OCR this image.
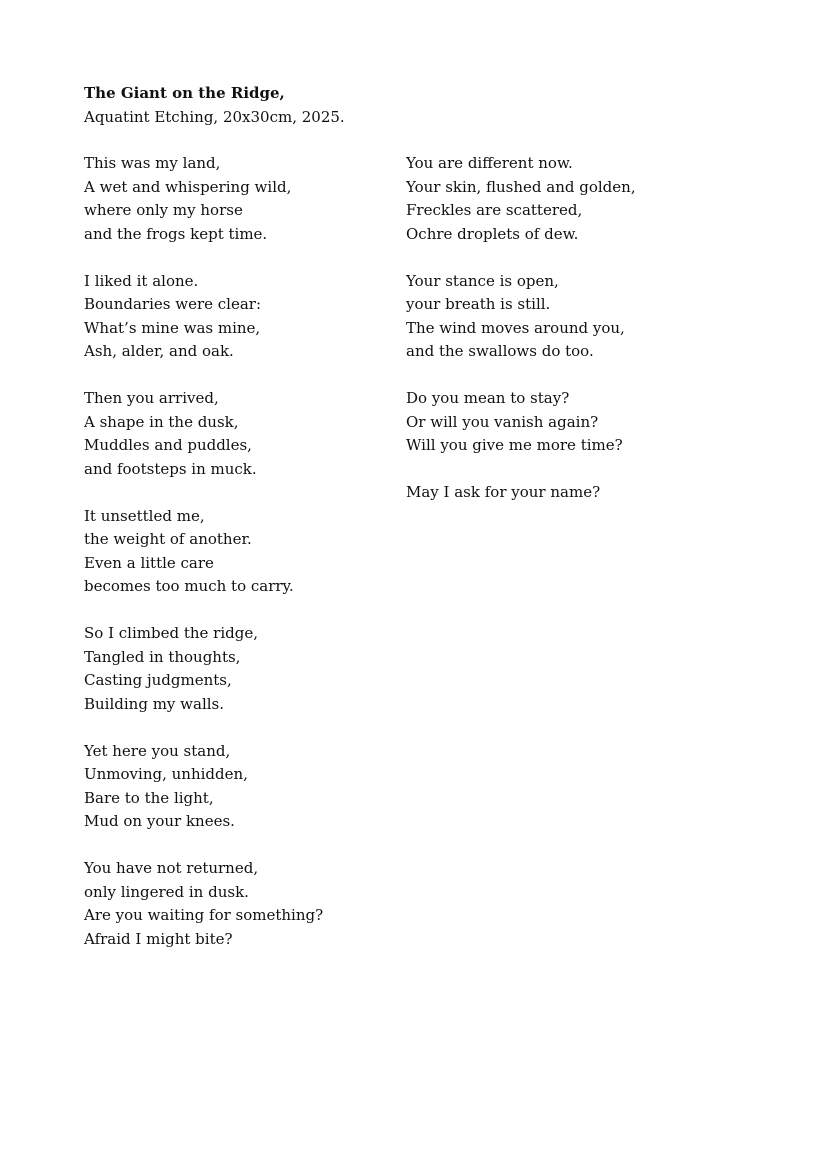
The Giant on the Ridge,
Aquatint Etching, 20x30cm, 2025.
This was my land,
A wet and whispering wild,
where only my horse
and the frogs kept time.
I liked it alone.
Boundaries were clear:
What’s mine was mine,
Ash, alder, and oak.
Then you arrived,
A shape in the dusk,
Muddles and puddles,
and footsteps in muck.
It unsettled me,
the weight of another.
Even a little care
becomes too much to carry.
So I climbed the ridge,
Tangled in thoughts,
Casting judgments,
Building my walls.
Yet here you stand,
Unmoving, unhidden,
Bare to the light,
Mud on your knees.
You have not returned,
only lingered in dusk.
Are you waiting for something?
Afraid I might bite?
You are different now.
Your skin, flushed and golden,
Freckles are scattered,
Ochre droplets of dew.
Your stance is open,
your breath is still.
The wind moves around you,
and the swallows do too.
Do you mean to stay?
Or will you vanish again?
Will you give me more time?
May I ask for your name?
